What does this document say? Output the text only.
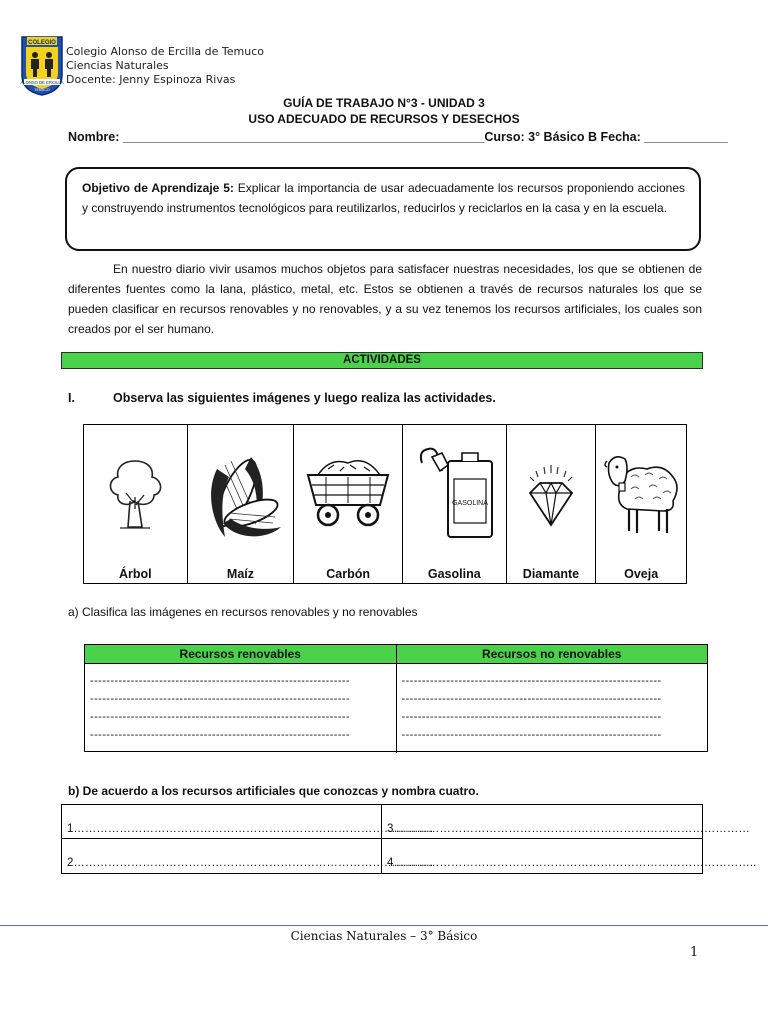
COLEGIO
ALONSO DE ERCILLA
TEMUCO
Colegio Alonso de Ercilla de Temuco
Ciencias Naturales
Docente: Jenny Espinoza Rivas
GUÍA DE TRABAJO N°3 - UNIDAD 3
USO ADECUADO DE RECURSOS Y DESECHOS
Nombre: ____________________________________________________Curso: 3° Básico B Fecha: ____________
Objetivo de Aprendizaje 5: Explicar la importancia de usar adecuadamente los recursos proponiendo acciones y construyendo instrumentos tecnológicos para reutilizarlos, reducirlos y reciclarlos en la casa y en la escuela.
En nuestro diario vivir usamos muchos objetos para satisfacer nuestras necesidades, los que se obtienen de diferentes fuentes como la lana, plástico, metal, etc. Estos se obtienen a través de recursos naturales los que se pueden clasificar en recursos renovables y no renovables, y a su vez tenemos los recursos artificiales, los cuales son creados por el ser humano.
ACTIVIDADES
I.	Observa las siguientes imágenes y luego realiza las actividades.
Árbol	Maíz	Carbón
GASOLINA
Gasolina	Diamante	Oveja
a) Clasifica las imágenes en recursos renovables y no renovables
Recursos renovables	Recursos no renovables
----------------------------------------------------------------
----------------------------------------------------------------
----------------------------------------------------------------
----------------------------------------------------------------
----------------------------------------------------------------
----------------------------------------------------------------
----------------------------------------------------------------
----------------------------------------------------------------
b) De acuerdo a los recursos artificiales que conozcas y nombra cuatro.
1………………………………………………………………………………….
3…………………………………………………………………………………
2………………………………………………………………………………….
4…………………………………………………………………………………..
Ciencias Naturales – 3° Básico
1
